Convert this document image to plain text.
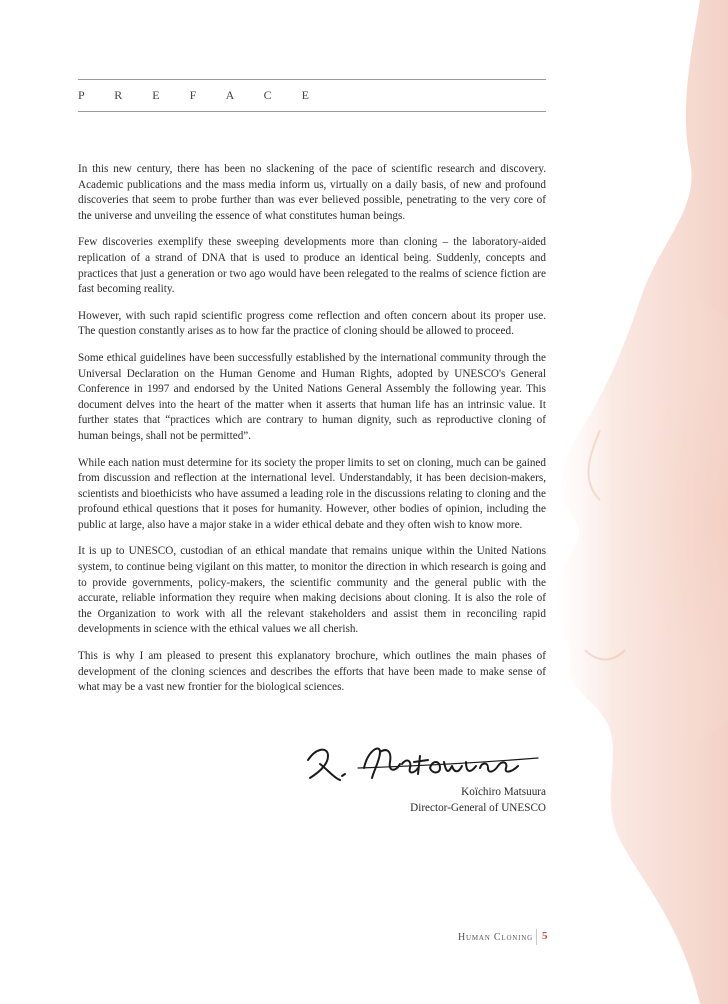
P R E F A C E

In this new century, there has been no slackening of the pace of scientific research and discovery. Academic publications and the mass media inform us, virtually on a daily basis, of new and profound discoveries that seem to probe further than was ever believed possible, penetrating to the very core of the universe and unveiling the essence of what constitutes human beings.

Few discoveries exemplify these sweeping developments more than cloning – the laboratory-aided replication of a strand of DNA that is used to produce an identical being. Suddenly, concepts and practices that just a generation or two ago would have been relegated to the realms of science fiction are fast becoming reality.

However, with such rapid scientific progress come reflection and often concern about its proper use. The question constantly arises as to how far the practice of cloning should be allowed to proceed.

Some ethical guidelines have been successfully established by the international community through the Universal Declaration on the Human Genome and Human Rights, adopted by UNESCO's General Conference in 1997 and endorsed by the United Nations General Assembly the following year. This document delves into the heart of the matter when it asserts that human life has an intrinsic value. It further states that “practices which are contrary to human dignity, such as reproductive cloning of human beings, shall not be permitted”.

While each nation must determine for its society the proper limits to set on cloning, much can be gained from discussion and reflection at the international level. Understandably, it has been decision-makers, scientists and bioethicists who have assumed a leading role in the discussions relating to cloning and the profound ethical questions that it poses for humanity. However, other bodies of opinion, including the public at large, also have a major stake in a wider ethical debate and they often wish to know more.

It is up to UNESCO, custodian of an ethical mandate that remains unique within the United Nations system, to continue being vigilant on this matter, to monitor the direction in which research is going and to provide governments, policy-makers, the scientific community and the general public with the accurate, reliable information they require when making decisions about cloning. It is also the role of the Organization to work with all the relevant stakeholders and assist them in reconciling rapid developments in science with the ethical values we all cherish.

This is why I am pleased to present this explanatory brochure, which outlines the main phases of development of the cloning sciences and describes the efforts that have been made to make sense of what may be a vast new frontier for the biological sciences.

Koïchiro Matsuura
Director-General of UNESCO
Human Cloning 5
